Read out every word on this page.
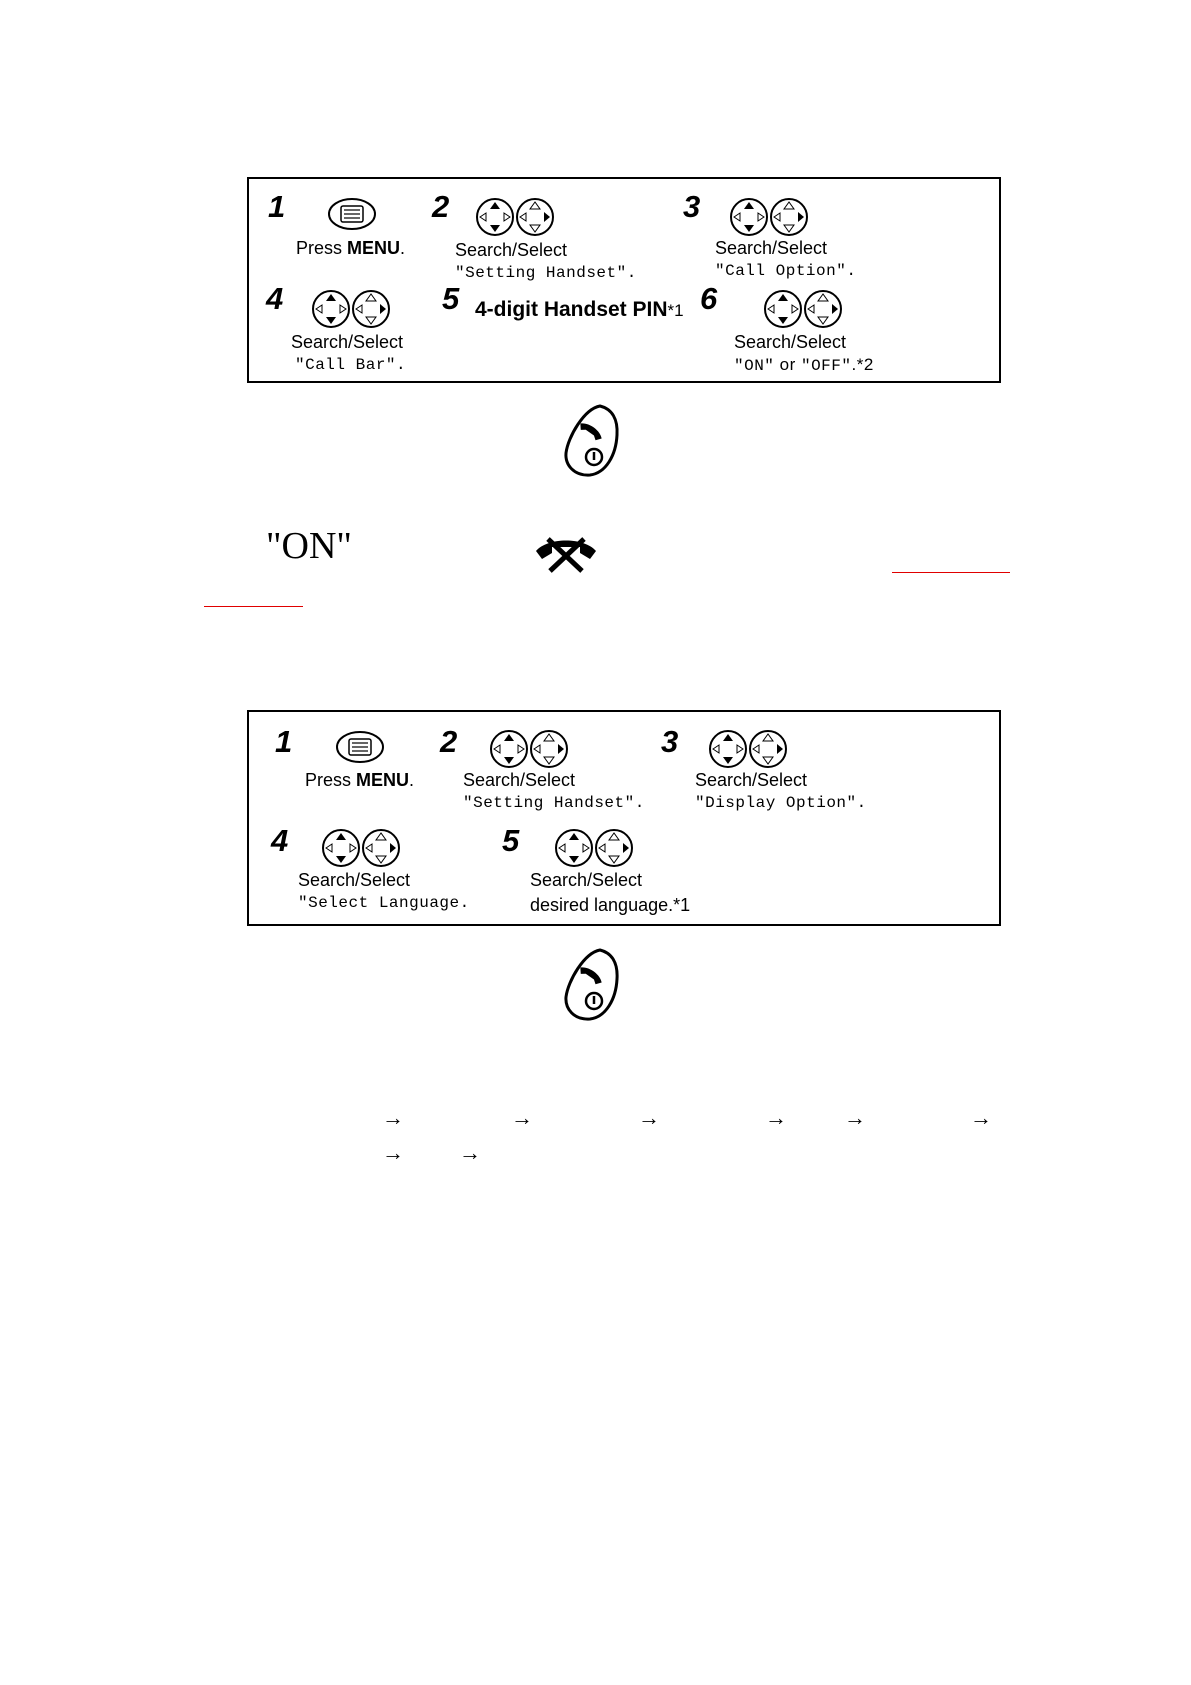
1
Press MENU.
2
Search/Select
"Setting Handset".
3
Search/Select
"Call Option".
4
Search/Select
"Call Bar".
5 4-digit Handset PIN*1 6
Search/Select
"ON" or "OFF".*2
"ON"
1
Press MENU.
2
Search/Select
"Setting Handset".
3
Search/Select
"Display Option".
4
Search/Select
"Select Language.
5
Search/Select
desired language.*1
→	→	→	→	→	→
→	→
